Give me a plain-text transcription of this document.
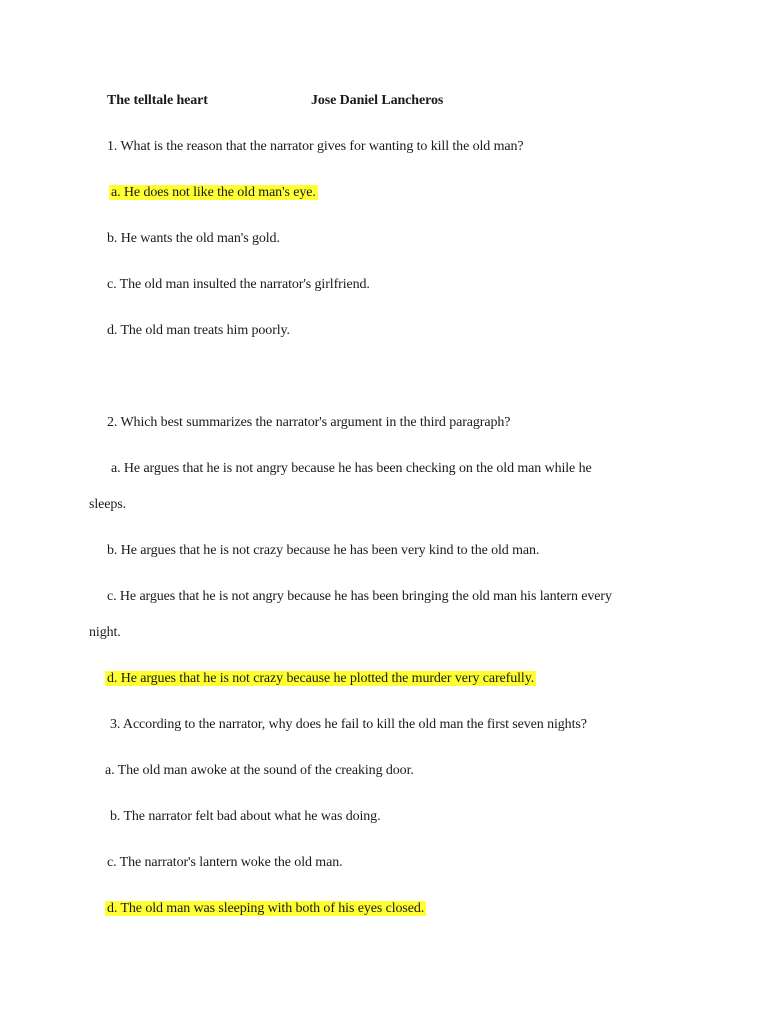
The telltale heart	Jose Daniel Lancheros
1. What is the reason that the narrator gives for wanting to kill the old man?
a. He does not like the old man's eye.
b. He wants the old man's gold.
c. The old man insulted the narrator's girlfriend.
d. The old man treats him poorly.
2. Which best summarizes the narrator's argument in the third paragraph?
a. He argues that he is not angry because he has been checking on the old man while he
sleeps.
b. He argues that he is not crazy because he has been very kind to the old man.
c. He argues that he is not angry because he has been bringing the old man his lantern every
night.
d. He argues that he is not crazy because he plotted the murder very carefully.
3. According to the narrator, why does he fail to kill the old man the first seven nights?
a. The old man awoke at the sound of the creaking door.
b. The narrator felt bad about what he was doing.
c. The narrator's lantern woke the old man.
d. The old man was sleeping with both of his eyes closed.
